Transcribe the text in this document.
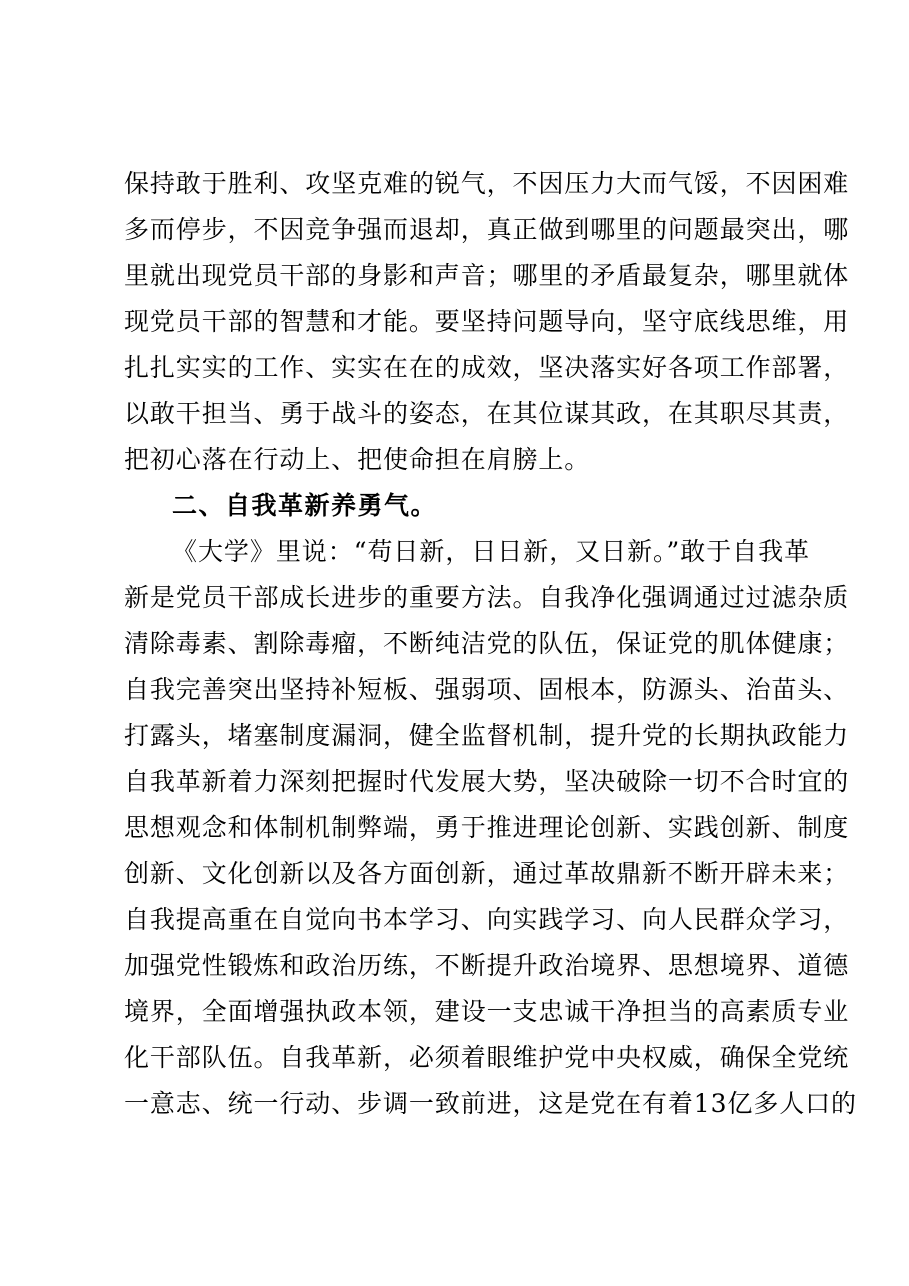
保持敢于胜利、攻坚克难的锐气，不因压力大而气馁，不因困难
多而停步，不因竞争强而退却，真正做到哪里的问题最突出，哪
里就出现党员干部的身影和声音；哪里的矛盾最复杂，哪里就体
现党员干部的智慧和才能。要坚持问题导向，坚守底线思维，用
扎扎实实的工作、实实在在的成效，坚决落实好各项工作部署，
以敢干担当、勇于战斗的姿态，在其位谋其政，在其职尽其责，
把初心落在行动上、把使命担在肩膀上。
二、自我革新养勇气。
《大学》里说：“苟日新，日日新，又日新。”敢于自我革
新是党员干部成长进步的重要方法。自我净化强调通过过滤杂质
清除毒素、割除毒瘤，不断纯洁党的队伍，保证党的肌体健康；
自我完善突出坚持补短板、强弱项、固根本，防源头、治苗头、
打露头，堵塞制度漏洞，健全监督机制，提升党的长期执政能力
自我革新着力深刻把握时代发展大势，坚决破除一切不合时宜的
思想观念和体制机制弊端，勇于推进理论创新、实践创新、制度
创新、文化创新以及各方面创新，通过革故鼎新不断开辟未来；
自我提高重在自觉向书本学习、向实践学习、向人民群众学习，
加强党性锻炼和政治历练，不断提升政治境界、思想境界、道德
境界，全面增强执政本领，建设一支忠诚干净担当的高素质专业
化干部队伍。自我革新，必须着眼维护党中央权威，确保全党统
一意志、统一行动、步调一致前进，这是党在有着13亿多人口的
